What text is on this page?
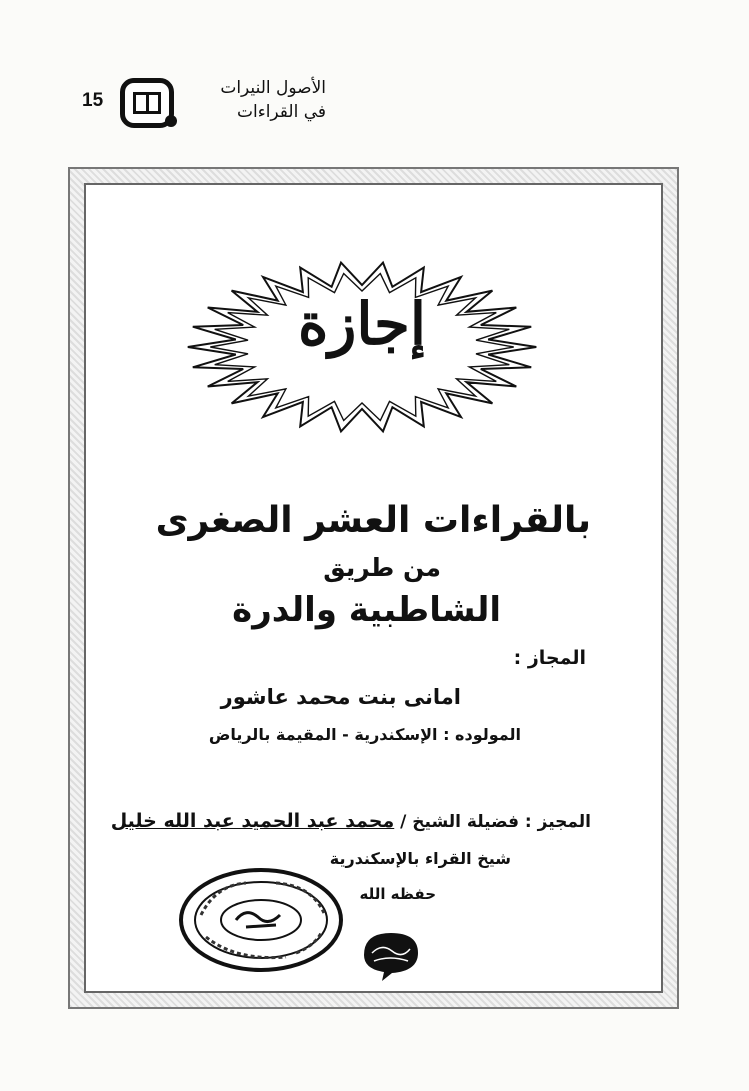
15
الأصول النيرات
في القراءات
إجازة
بالقراءات العشر الصغرى
من طريق
الشاطبية والدرة
المجاز :
امانى بنت محمد عاشور
المولوده : الإسكندرية - المقيمة بالرياض
المجيز : فضيلة الشيخ / محمد عبد الحميد عبد الله خليل
شيخ القراء بالإسكندرية
حفظه الله
